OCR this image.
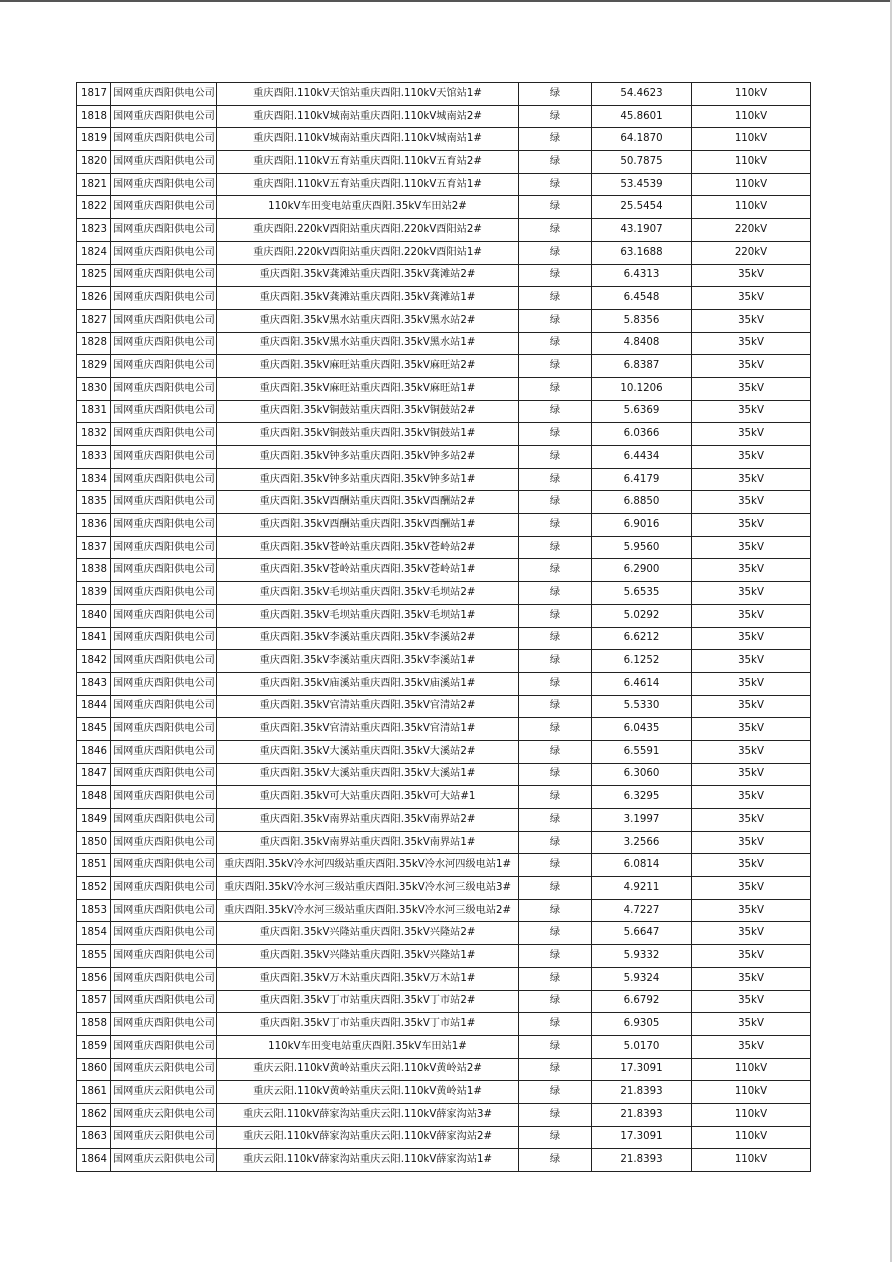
1817	国网重庆酉阳供电公司	重庆酉阳.110kV天馆站重庆酉阳.110kV天馆站1#	绿	54.4623	110kV
1818	国网重庆酉阳供电公司	重庆酉阳.110kV城南站重庆酉阳.110kV城南站2#	绿	45.8601	110kV
1819	国网重庆酉阳供电公司	重庆酉阳.110kV城南站重庆酉阳.110kV城南站1#	绿	64.1870	110kV
1820	国网重庆酉阳供电公司	重庆酉阳.110kV五育站重庆酉阳.110kV五育站2#	绿	50.7875	110kV
1821	国网重庆酉阳供电公司	重庆酉阳.110kV五育站重庆酉阳.110kV五育站1#	绿	53.4539	110kV
1822	国网重庆酉阳供电公司	110kV车田变电站重庆酉阳.35kV车田站2#	绿	25.5454	110kV
1823	国网重庆酉阳供电公司	重庆酉阳.220kV酉阳站重庆酉阳.220kV酉阳站2#	绿	43.1907	220kV
1824	国网重庆酉阳供电公司	重庆酉阳.220kV酉阳站重庆酉阳.220kV酉阳站1#	绿	63.1688	220kV
1825	国网重庆酉阳供电公司	重庆酉阳.35kV龚滩站重庆酉阳.35kV龚滩站2#	绿	6.4313	35kV
1826	国网重庆酉阳供电公司	重庆酉阳.35kV龚滩站重庆酉阳.35kV龚滩站1#	绿	6.4548	35kV
1827	国网重庆酉阳供电公司	重庆酉阳.35kV黑水站重庆酉阳.35kV黑水站2#	绿	5.8356	35kV
1828	国网重庆酉阳供电公司	重庆酉阳.35kV黑水站重庆酉阳.35kV黑水站1#	绿	4.8408	35kV
1829	国网重庆酉阳供电公司	重庆酉阳.35kV麻旺站重庆酉阳.35kV麻旺站2#	绿	6.8387	35kV
1830	国网重庆酉阳供电公司	重庆酉阳.35kV麻旺站重庆酉阳.35kV麻旺站1#	绿	10.1206	35kV
1831	国网重庆酉阳供电公司	重庆酉阳.35kV铜鼓站重庆酉阳.35kV铜鼓站2#	绿	5.6369	35kV
1832	国网重庆酉阳供电公司	重庆酉阳.35kV铜鼓站重庆酉阳.35kV铜鼓站1#	绿	6.0366	35kV
1833	国网重庆酉阳供电公司	重庆酉阳.35kV钟多站重庆酉阳.35kV钟多站2#	绿	6.4434	35kV
1834	国网重庆酉阳供电公司	重庆酉阳.35kV钟多站重庆酉阳.35kV钟多站1#	绿	6.4179	35kV
1835	国网重庆酉阳供电公司	重庆酉阳.35kV酉酬站重庆酉阳.35kV酉酬站2#	绿	6.8850	35kV
1836	国网重庆酉阳供电公司	重庆酉阳.35kV酉酬站重庆酉阳.35kV酉酬站1#	绿	6.9016	35kV
1837	国网重庆酉阳供电公司	重庆酉阳.35kV苍岭站重庆酉阳.35kV苍岭站2#	绿	5.9560	35kV
1838	国网重庆酉阳供电公司	重庆酉阳.35kV苍岭站重庆酉阳.35kV苍岭站1#	绿	6.2900	35kV
1839	国网重庆酉阳供电公司	重庆酉阳.35kV毛坝站重庆酉阳.35kV毛坝站2#	绿	5.6535	35kV
1840	国网重庆酉阳供电公司	重庆酉阳.35kV毛坝站重庆酉阳.35kV毛坝站1#	绿	5.0292	35kV
1841	国网重庆酉阳供电公司	重庆酉阳.35kV李溪站重庆酉阳.35kV李溪站2#	绿	6.6212	35kV
1842	国网重庆酉阳供电公司	重庆酉阳.35kV李溪站重庆酉阳.35kV李溪站1#	绿	6.1252	35kV
1843	国网重庆酉阳供电公司	重庆酉阳.35kV庙溪站重庆酉阳.35kV庙溪站1#	绿	6.4614	35kV
1844	国网重庆酉阳供电公司	重庆酉阳.35kV官清站重庆酉阳.35kV官清站2#	绿	5.5330	35kV
1845	国网重庆酉阳供电公司	重庆酉阳.35kV官清站重庆酉阳.35kV官清站1#	绿	6.0435	35kV
1846	国网重庆酉阳供电公司	重庆酉阳.35kV大溪站重庆酉阳.35kV大溪站2#	绿	6.5591	35kV
1847	国网重庆酉阳供电公司	重庆酉阳.35kV大溪站重庆酉阳.35kV大溪站1#	绿	6.3060	35kV
1848	国网重庆酉阳供电公司	重庆酉阳.35kV可大站重庆酉阳.35kV可大站#1	绿	6.3295	35kV
1849	国网重庆酉阳供电公司	重庆酉阳.35kV南界站重庆酉阳.35kV南界站2#	绿	3.1997	35kV
1850	国网重庆酉阳供电公司	重庆酉阳.35kV南界站重庆酉阳.35kV南界站1#	绿	3.2566	35kV
1851	国网重庆酉阳供电公司	重庆酉阳.35kV冷水河四级站重庆酉阳.35kV冷水河四级电站1#	绿	6.0814	35kV
1852	国网重庆酉阳供电公司	重庆酉阳.35kV冷水河三级站重庆酉阳.35kV冷水河三级电站3#	绿	4.9211	35kV
1853	国网重庆酉阳供电公司	重庆酉阳.35kV冷水河三级站重庆酉阳.35kV冷水河三级电站2#	绿	4.7227	35kV
1854	国网重庆酉阳供电公司	重庆酉阳.35kV兴隆站重庆酉阳.35kV兴隆站2#	绿	5.6647	35kV
1855	国网重庆酉阳供电公司	重庆酉阳.35kV兴隆站重庆酉阳.35kV兴隆站1#	绿	5.9332	35kV
1856	国网重庆酉阳供电公司	重庆酉阳.35kV万木站重庆酉阳.35kV万木站1#	绿	5.9324	35kV
1857	国网重庆酉阳供电公司	重庆酉阳.35kV丁市站重庆酉阳.35kV丁市站2#	绿	6.6792	35kV
1858	国网重庆酉阳供电公司	重庆酉阳.35kV丁市站重庆酉阳.35kV丁市站1#	绿	6.9305	35kV
1859	国网重庆酉阳供电公司	110kV车田变电站重庆酉阳.35kV车田站1#	绿	5.0170	35kV
1860	国网重庆云阳供电公司	重庆云阳.110kV黄岭站重庆云阳.110kV黄岭站2#	绿	17.3091	110kV
1861	国网重庆云阳供电公司	重庆云阳.110kV黄岭站重庆云阳.110kV黄岭站1#	绿	21.8393	110kV
1862	国网重庆云阳供电公司	重庆云阳.110kV薛家沟站重庆云阳.110kV薛家沟站3#	绿	21.8393	110kV
1863	国网重庆云阳供电公司	重庆云阳.110kV薛家沟站重庆云阳.110kV薛家沟站2#	绿	17.3091	110kV
1864	国网重庆云阳供电公司	重庆云阳.110kV薛家沟站重庆云阳.110kV薛家沟站1#	绿	21.8393	110kV
